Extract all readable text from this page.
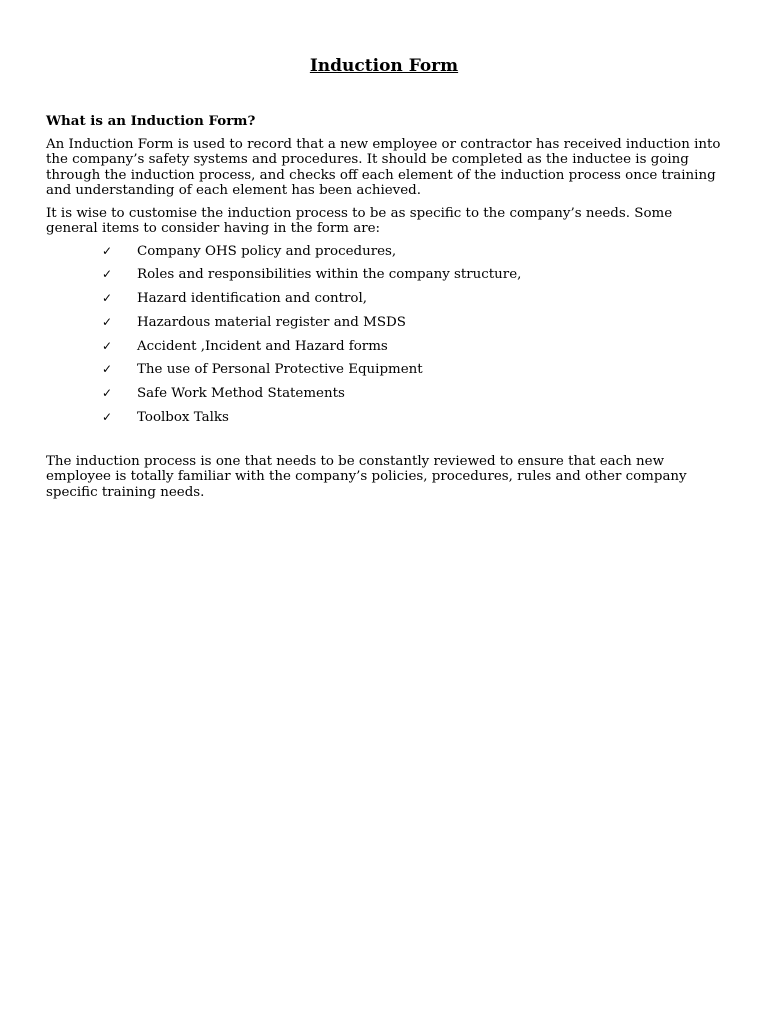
Induction Form

What is an Induction Form?

An Induction Form is used to record that a new employee or contractor has received induction into the company’s safety systems and procedures. It should be completed as the inductee is going through the induction process, and checks off each element of the induction process once training and understanding of each element has been achieved.

It is wise to customise the induction process to be as specific to the company’s needs. Some general items to consider having in the form are:

✓ Company OHS policy and procedures,
✓ Roles and responsibilities within the company structure,
✓ Hazard identification and control,
✓ Hazardous material register and MSDS
✓ Accident ,Incident and Hazard forms
✓ The use of Personal Protective Equipment
✓ Safe Work Method Statements
✓ Toolbox Talks

The induction process is one that needs to be constantly reviewed to ensure that each new employee is totally familiar with the company’s policies, procedures, rules and other company specific training needs.
